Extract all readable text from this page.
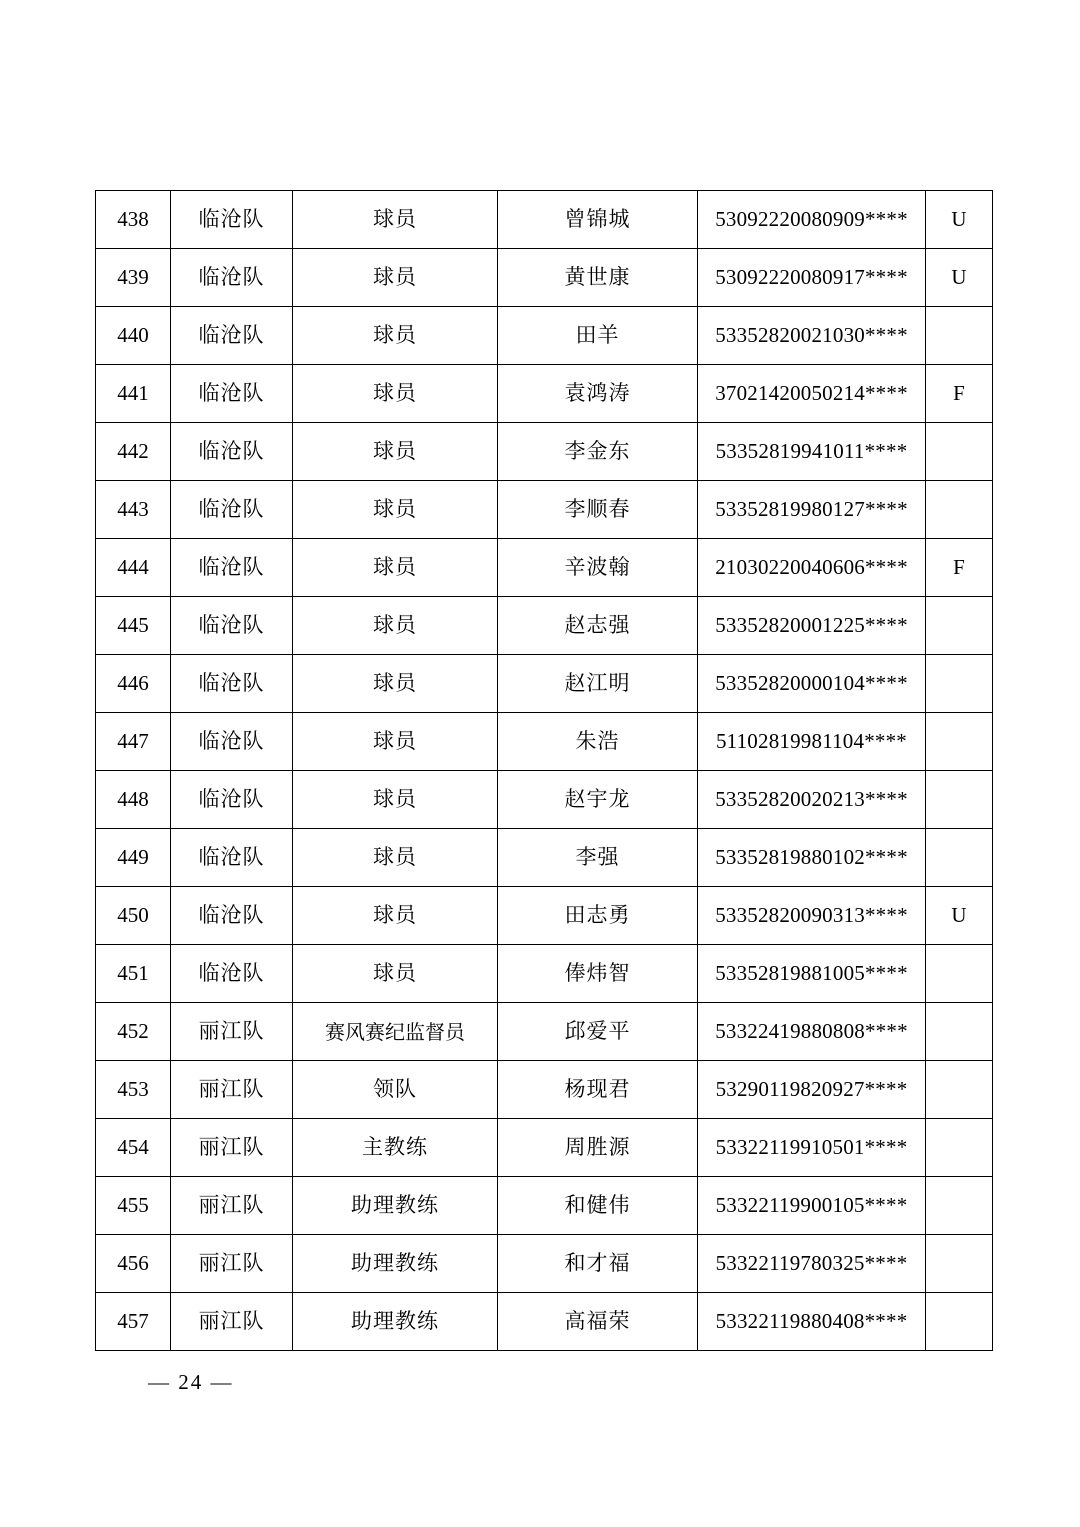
438	临沧队	球员	曾锦城	53092220080909****	U
439	临沧队	球员	黄世康	53092220080917****	U
440	临沧队	球员	田羊	53352820021030****	
441	临沧队	球员	袁鸿涛	37021420050214****	F
442	临沧队	球员	李金东	53352819941011****	
443	临沧队	球员	李顺春	53352819980127****	
444	临沧队	球员	辛波翰	21030220040606****	F
445	临沧队	球员	赵志强	53352820001225****	
446	临沧队	球员	赵江明	53352820000104****	
447	临沧队	球员	朱浩	51102819981104****	
448	临沧队	球员	赵宇龙	53352820020213****	
449	临沧队	球员	李强	53352819880102****	
450	临沧队	球员	田志勇	53352820090313****	U
451	临沧队	球员	俸炜智	53352819881005****	
452	丽江队	赛风赛纪监督员	邱爱平	53322419880808****	
453	丽江队	领队	杨现君	53290119820927****	
454	丽江队	主教练	周胜源	53322119910501****	
455	丽江队	助理教练	和健伟	53322119900105****	
456	丽江队	助理教练	和才福	53322119780325****	
457	丽江队	助理教练	高福荣	53322119880408****	
— 24 —
